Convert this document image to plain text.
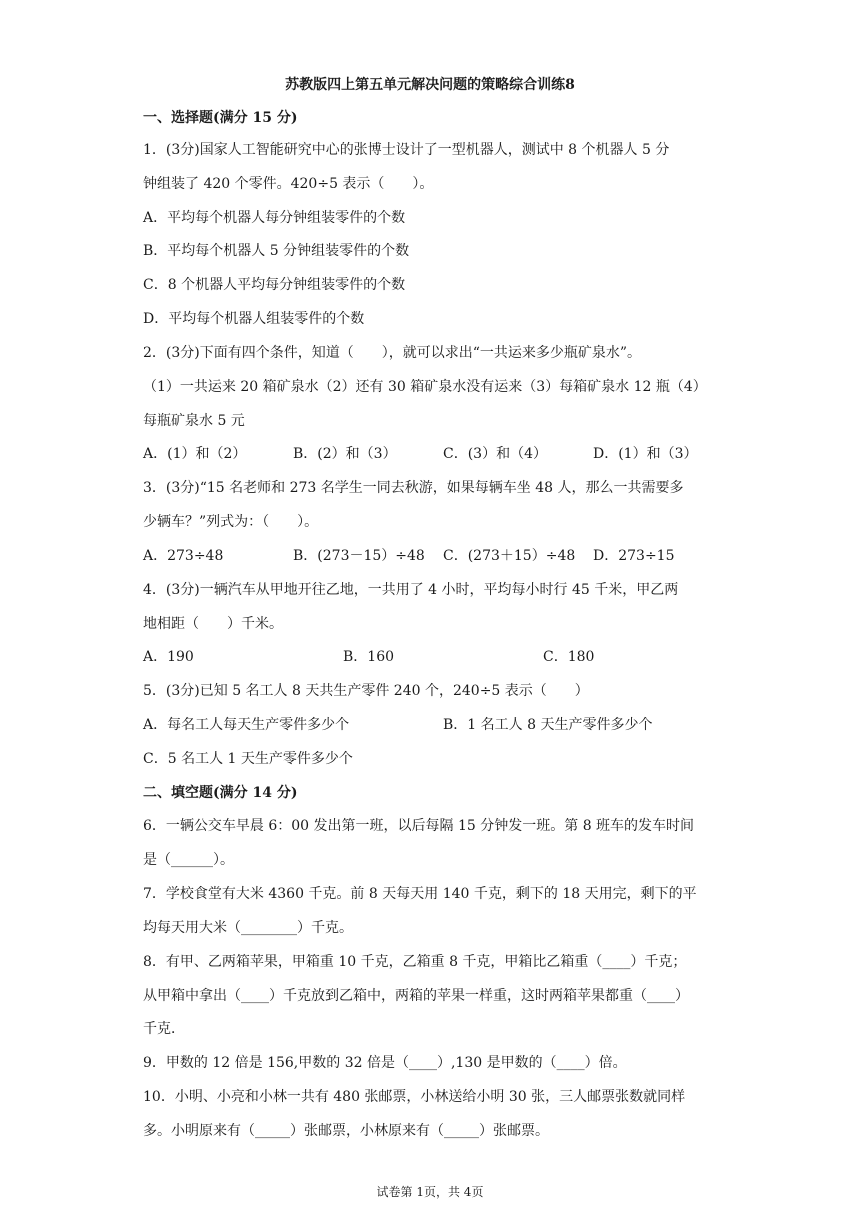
苏教版四上第五单元解决问题的策略综合训练8
一、选择题(满分 15 分)
1．(3分)国家人工智能研究中心的张博士设计了一型机器人，测试中 8 个机器人 5 分
钟组装了 420 个零件。420÷5 表示（　　）。
A．平均每个机器人每分钟组装零件的个数
B．平均每个机器人 5 分钟组装零件的个数
C．8 个机器人平均每分钟组装零件的个数
D．平均每个机器人组装零件的个数
2．(3分)下面有四个条件，知道（　　），就可以求出“一共运来多少瓶矿泉水”。
（1）一共运来 20 箱矿泉水（2）还有 30 箱矿泉水没有运来（3）每箱矿泉水 12 瓶（4）
每瓶矿泉水 5 元
A．(1）和（2）	B．(2）和（3）	C．(3）和（4）	D．(1）和（3）
3．(3分)“15 名老师和 273 名学生一同去秋游，如果每辆车坐 48 人，那么一共需要多
少辆车？”列式为：（　　）。
A．273÷48	B．(273－15）÷48 C．(273＋15）÷48 D．273÷15
4．(3分)一辆汽车从甲地开往乙地，一共用了 4 小时，平均每小时行 45 千米，甲乙两
地相距（　　）千米。
A．190	B．160	C．180
5．(3分)已知 5 名工人 8 天共生产零件 240 个，240÷5 表示（　　）
A．每名工人每天生产零件多少个	B．1 名工人 8 天生产零件多少个
C．5 名工人 1 天生产零件多少个
二、填空题(满分 14 分)
6．一辆公交车早晨 6：00 发出第一班，以后每隔 15 分钟发一班。第 8 班车的发车时间
是（______）。
7．学校食堂有大米 4360 千克。前 8 天每天用 140 千克，剩下的 18 天用完，剩下的平
均每天用大米（________）千克。
8．有甲、乙两箱苹果，甲箱重 10 千克，乙箱重 8 千克，甲箱比乙箱重（____）千克；
从甲箱中拿出（____）千克放到乙箱中，两箱的苹果一样重，这时两箱苹果都重（____）
千克．
9．甲数的 12 倍是 156,甲数的 32 倍是（____）,130 是甲数的（____）倍。
10．小明、小亮和小林一共有 480 张邮票，小林送给小明 30 张，三人邮票张数就同样
多。小明原来有（_____）张邮票，小林原来有（_____）张邮票。
试卷第 1页，共 4页
